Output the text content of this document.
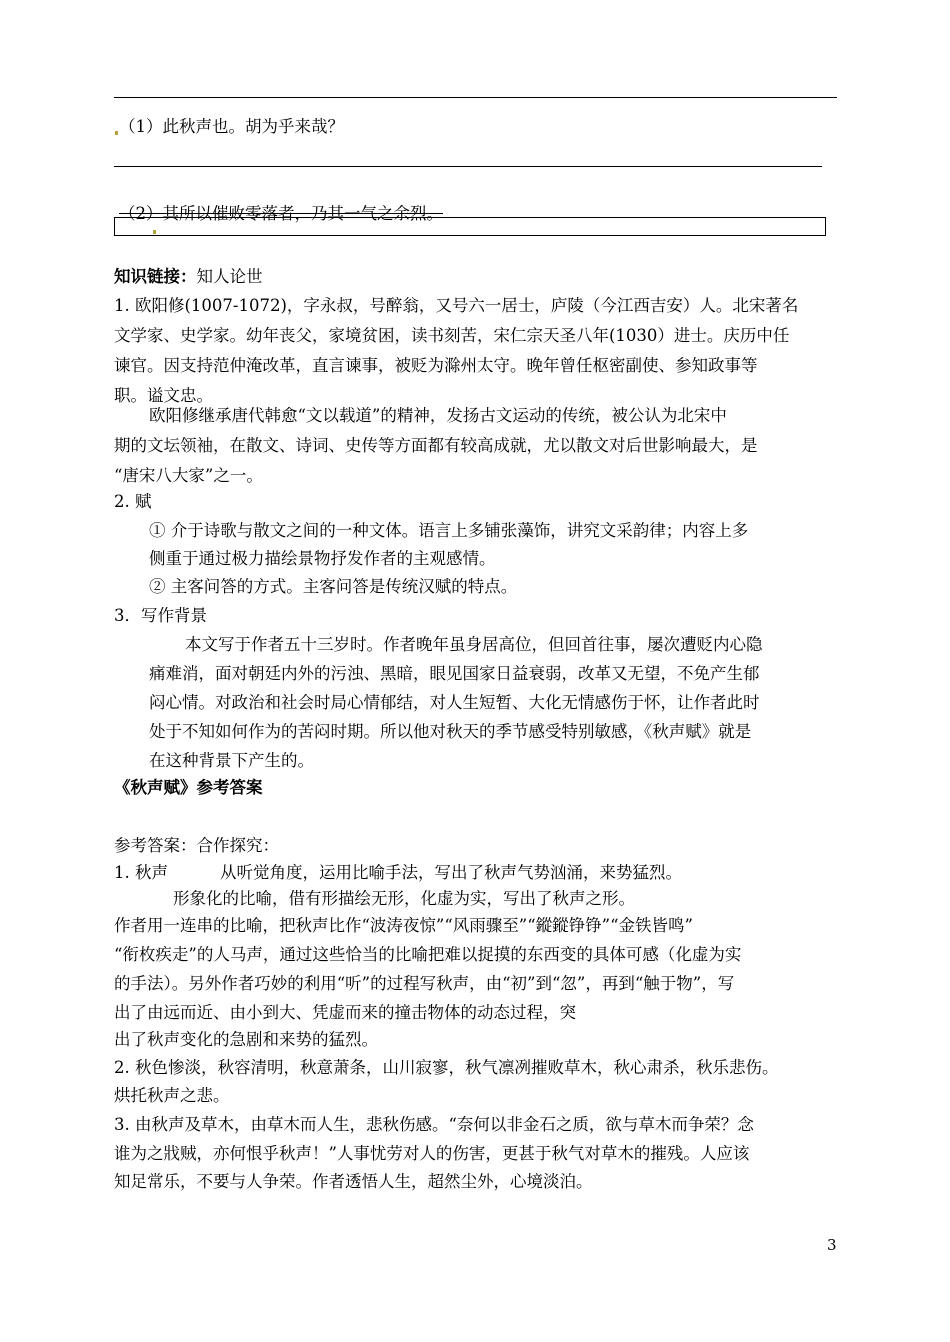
（1）此秋声也。胡为乎来哉？
（2）其所以催败零落者，乃其一气之余烈。
知识链接：知人论世
1. 欧阳修(1007-1072)，字永叔，号醉翁，又号六一居士，庐陵（今江西吉安）人。北宋著名
文学家、史学家。幼年丧父，家境贫困，读书刻苦，宋仁宗天圣八年(1030）进士。庆历中任
谏官。因支持范仲淹改革，直言谏事，被贬为滁州太守。晚年曾任枢密副使、参知政事等
职。谥文忠。
欧阳修继承唐代韩愈“文以载道”的精神，发扬古文运动的传统，被公认为北宋中
期的文坛领袖，在散文、诗词、史传等方面都有较高成就，尤以散文对后世影响最大，是
“唐宋八大家”之一。
2. 赋
① 介于诗歌与散文之间的一种文体。语言上多铺张藻饰，讲究文采韵律；内容上多
侧重于通过极力描绘景物抒发作者的主观感情。
② 主客问答的方式。主客问答是传统汉赋的特点。
3．写作背景
本文写于作者五十三岁时。作者晚年虽身居高位，但回首往事，屡次遭贬内心隐
痛难消，面对朝廷内外的污浊、黑暗，眼见国家日益衰弱，改革又无望，不免产生郁
闷心情。对政治和社会时局心情郁结，对人生短暂、大化无情感伤于怀，让作者此时
处于不知如何作为的苦闷时期。所以他对秋天的季节感受特别敏感，《秋声赋》就是
在这种背景下产生的。
《秋声赋》参考答案
参考答案：合作探究：
1. 秋声	从听觉角度，运用比喻手法，写出了秋声气势汹涌，来势猛烈。
形象化的比喻，借有形描绘无形，化虚为实，写出了秋声之形。
作者用一连串的比喻，把秋声比作“波涛夜惊”“风雨骤至”“鏦鏦铮铮”“金铁皆鸣”
“衔枚疾走”的人马声，通过这些恰当的比喻把难以捉摸的东西变的具体可感（化虚为实
的手法）。另外作者巧妙的利用“听”的过程写秋声，由“初”到“忽”，再到“触于物”，写
出了由远而近、由小到大、凭虚而来的撞击物体的动态过程，突
出了秋声变化的急剧和来势的猛烈。
2. 秋色惨淡，秋容清明，秋意萧条，山川寂寥，秋气凛冽摧败草木，秋心肃杀，秋乐悲伤。
烘托秋声之悲。
3. 由秋声及草木，由草木而人生，悲秋伤感。“奈何以非金石之质，欲与草木而争荣？念
谁为之戕贼，亦何恨乎秋声！”人事忧劳对人的伤害，更甚于秋气对草木的摧残。人应该
知足常乐，不要与人争荣。作者透悟人生，超然尘外，心境淡泊。
3
